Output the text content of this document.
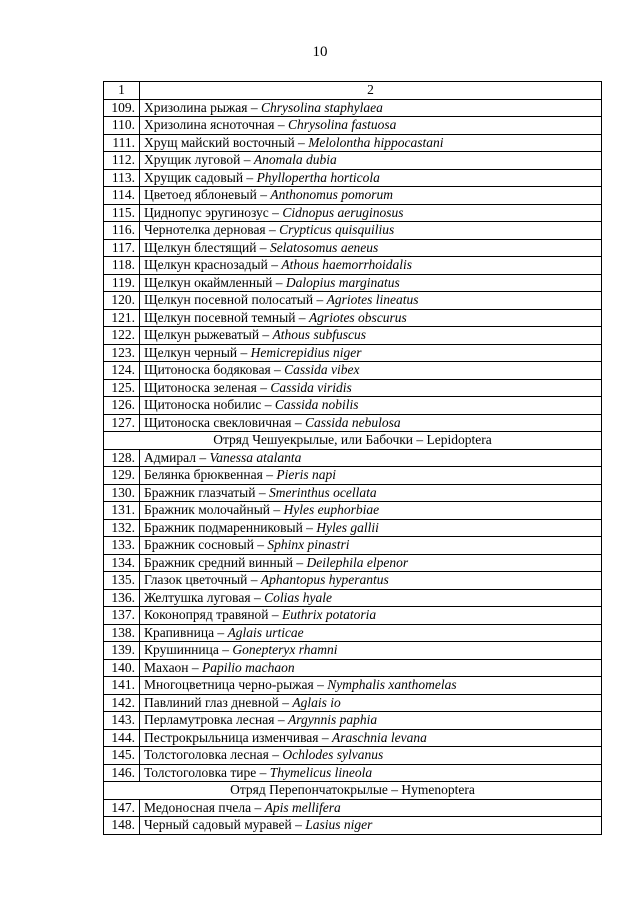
10
1	2
109.	Хризолина рыжая – Chrysolina staphylaea
110.	Хризолина ясноточная – Chrysolina fastuosa
111.	Хрущ майский восточный – Melolontha hippocastani
112.	Хрущик луговой – Anomala dubia
113.	Хрущик садовый – Phyllopertha horticola
114.	Цветоед яблоневый – Anthonomus pomorum
115.	Циднопус эругинозус – Cidnopus aeruginosus
116.	Чернотелка дерновая – Crypticus quisquilius
117.	Щелкун блестящий – Selatosomus aeneus
118.	Щелкун краснозадый – Athous haemorrhoidalis
119.	Щелкун окаймленный – Dalopius marginatus
120.	Щелкун посевной полосатый – Agriotes lineatus
121.	Щелкун посевной темный – Agriotes obscurus
122.	Щелкун рыжеватый – Athous subfuscus
123.	Щелкун черный – Hemicrepidius niger
124.	Щитоноска бодяковая – Cassida vibex
125.	Щитоноска зеленая – Cassida viridis
126.	Щитоноска нобилис – Cassida nobilis
127.	Щитоноска свекловичная – Cassida nebulosa
Отряд Чешуекрылые, или Бабочки – Lepidoptera	
128.	Адмирал – Vanessa atalanta
129.	Белянка брюквенная – Pieris napi
130.	Бражник глазчатый – Smerinthus ocellata
131.	Бражник молочайный – Hyles euphorbiae
132.	Бражник подмаренниковый – Hyles gallii
133.	Бражник сосновый – Sphinx pinastri
134.	Бражник средний винный – Deilephila elpenor
135.	Глазок цветочный – Aphantopus hyperantus
136.	Желтушка луговая – Colias hyale
137.	Коконопряд травяной – Euthrix potatoria
138.	Крапивница – Aglais urticae
139.	Крушинница – Gonepteryx rhamni
140.	Махаон – Papilio machaon
141.	Многоцветница черно-рыжая – Nymphalis xanthomelas
142.	Павлиний глаз дневной – Aglais io
143.	Перламутровка лесная – Argynnis paphia
144.	Пестрокрыльница изменчивая – Araschnia levana
145.	Толстоголовка лесная – Ochlodes sylvanus
146.	Толстоголовка тире – Thymelicus lineola
Отряд Перепончатокрылые – Hymenoptera	
147.	Медоносная пчела – Apis mellifera
148.	Черный садовый муравей – Lasius niger
